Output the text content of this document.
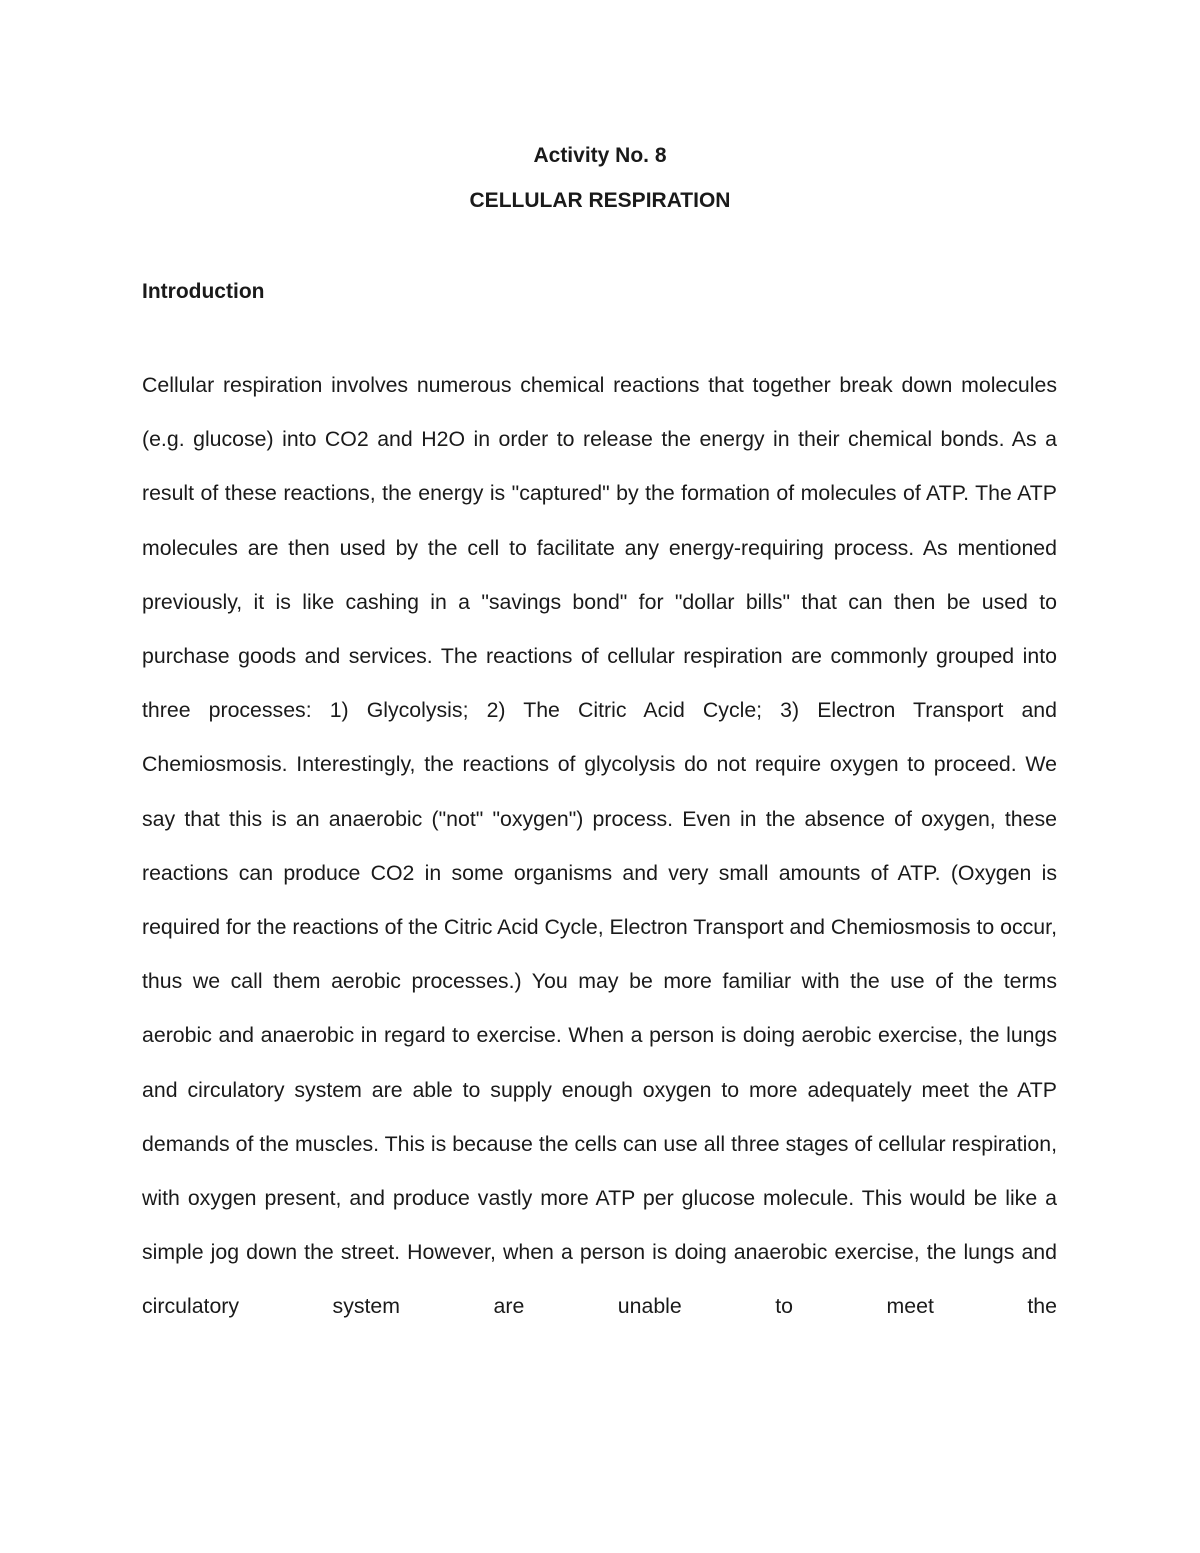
Activity No. 8
CELLULAR RESPIRATION
Introduction

Cellular respiration involves numerous chemical reactions that together break down molecules (e.g. glucose) into CO2 and H2O in order to release the energy in their chemical bonds. As a result of these reactions, the energy is "captured" by the formation of molecules of ATP. The ATP molecules are then used by the cell to facilitate any energy-requiring process. As mentioned previously, it is like cashing in a "savings bond" for "dollar bills" that can then be used to purchase goods and services. The reactions of cellular respiration are commonly grouped into three processes: 1) Glycolysis; 2) The Citric Acid Cycle; 3) Electron Transport and Chemiosmosis. Interestingly, the reactions of glycolysis do not require oxygen to proceed. We say that this is an anaerobic ("not" "oxygen") process. Even in the absence of oxygen, these reactions can produce CO2 in some organisms and very small amounts of ATP. (Oxygen is required for the reactions of the Citric Acid Cycle, Electron Transport and Chemiosmosis to occur, thus we call them aerobic processes.) You may be more familiar with the use of the terms aerobic and anaerobic in regard to exercise. When a person is doing aerobic exercise, the lungs and circulatory system are able to supply enough oxygen to more adequately meet the ATP demands of the muscles. This is because the cells can use all three stages of cellular respiration, with oxygen present, and produce vastly more ATP per glucose molecule. This would be like a simple jog down the street. However, when a person is doing anaerobic exercise, the lungs and circulatory system are unable to meet the
